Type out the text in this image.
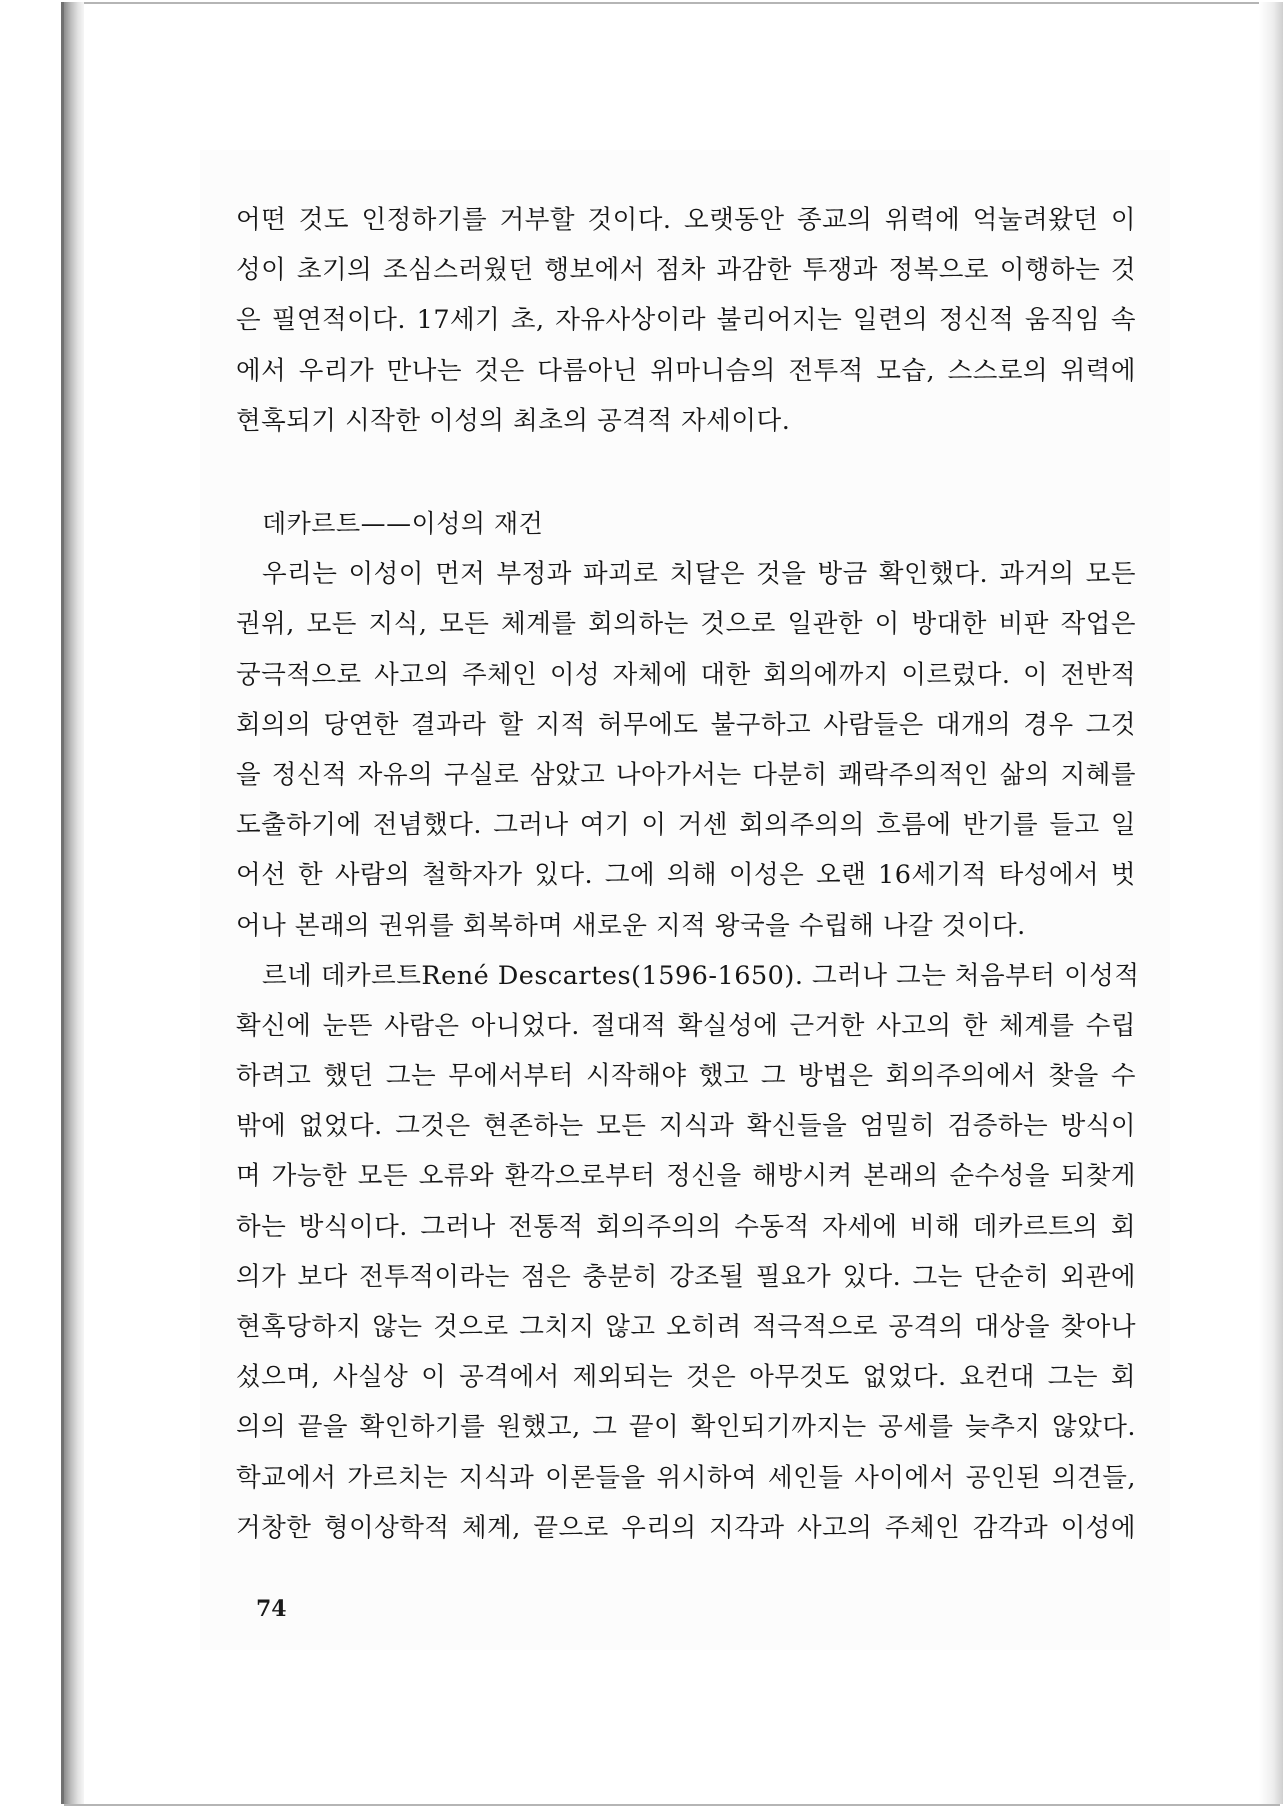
어떤 것도 인정하기를 거부할 것이다. 오랫동안 종교의 위력에 억눌려왔던 이
성이 초기의 조심스러웠던 행보에서 점차 과감한 투쟁과 정복으로 이행하는 것
은 필연적이다. 17세기 초, 자유사상이라 불리어지는 일련의 정신적 움직임 속
에서 우리가 만나는 것은 다름아닌 위마니슴의 전투적 모습, 스스로의 위력에
현혹되기 시작한 이성의 최초의 공격적 자세이다.
데카르트——이성의 재건
우리는 이성이 먼저 부정과 파괴로 치달은 것을 방금 확인했다. 과거의 모든
권위, 모든 지식, 모든 체계를 회의하는 것으로 일관한 이 방대한 비판 작업은
궁극적으로 사고의 주체인 이성 자체에 대한 회의에까지 이르렀다. 이 전반적
회의의 당연한 결과라 할 지적 허무에도 불구하고 사람들은 대개의 경우 그것
을 정신적 자유의 구실로 삼았고 나아가서는 다분히 쾌락주의적인 삶의 지혜를
도출하기에 전념했다. 그러나 여기 이 거센 회의주의의 흐름에 반기를 들고 일
어선 한 사람의 철학자가 있다. 그에 의해 이성은 오랜 16세기적 타성에서 벗
어나 본래의 권위를 회복하며 새로운 지적 왕국을 수립해 나갈 것이다.
르네 데카르트René Descartes(1596-1650). 그러나 그는 처음부터 이성적
확신에 눈뜬 사람은 아니었다. 절대적 확실성에 근거한 사고의 한 체계를 수립
하려고 했던 그는 무에서부터 시작해야 했고 그 방법은 회의주의에서 찾을 수
밖에 없었다. 그것은 현존하는 모든 지식과 확신들을 엄밀히 검증하는 방식이
며 가능한 모든 오류와 환각으로부터 정신을 해방시켜 본래의 순수성을 되찾게
하는 방식이다. 그러나 전통적 회의주의의 수동적 자세에 비해 데카르트의 회
의가 보다 전투적이라는 점은 충분히 강조될 필요가 있다. 그는 단순히 외관에
현혹당하지 않는 것으로 그치지 않고 오히려 적극적으로 공격의 대상을 찾아나
섰으며, 사실상 이 공격에서 제외되는 것은 아무것도 없었다. 요컨대 그는 회
의의 끝을 확인하기를 원했고, 그 끝이 확인되기까지는 공세를 늦추지 않았다.
학교에서 가르치는 지식과 이론들을 위시하여 세인들 사이에서 공인된 의견들,
거창한 형이상학적 체계, 끝으로 우리의 지각과 사고의 주체인 감각과 이성에
74
